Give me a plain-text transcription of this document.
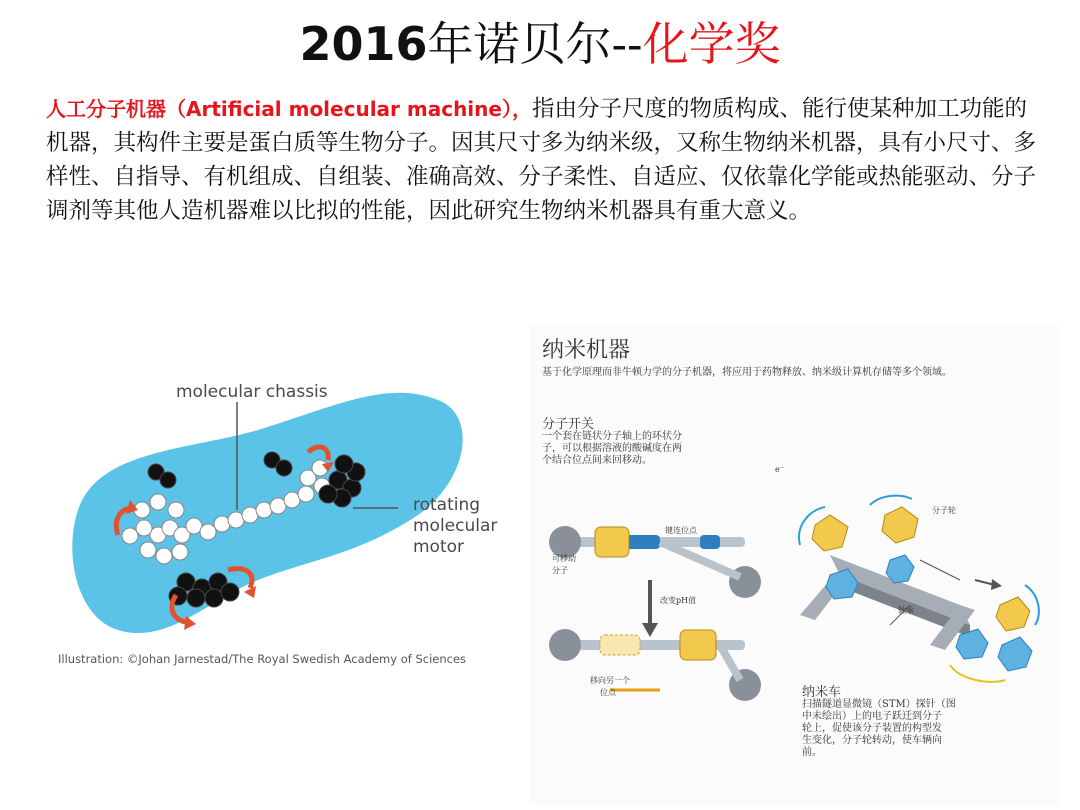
2016年诺贝尔--化学奖
人工分子机器（Artificial molecular machine），指由分子尺度的物质构成、能行使某种加工功能的机器，其构件主要是蛋白质等生物分子。因其尺寸多为纳米级，又称生物纳米机器，具有小尺寸、多样性、自指导、有机组成、自组装、准确高效、分子柔性、自适应、仅依靠化学能或热能驱动、分子调剂等其他人造机器难以比拟的性能，因此研究生物纳米机器具有重大意义。
molecular chassis
rotating
molecular
motor
Illustration: ©Johan Jarnestad/The Royal Swedish Academy of Sciences
纳米机器
基于化学原理而非牛顿力学的分子机器，将应用于药物释放、纳米级计算机存储等多个领域。
分子开关
一个套在链状分子轴上的环状分
子，可以根据溶液的酸碱度在两
个结合位点间来回移动。
键连位点
可移动
分子
改变pH值
移向另一个
位点
e⁻
分子轮
轴承
纳米车
扫描隧道显微镜（STM）探针（图
中未绘出）上的电子跃迁到分子
轮上，促使该分子装置的构型发
生变化，分子轮转动，使车辆向
前。
